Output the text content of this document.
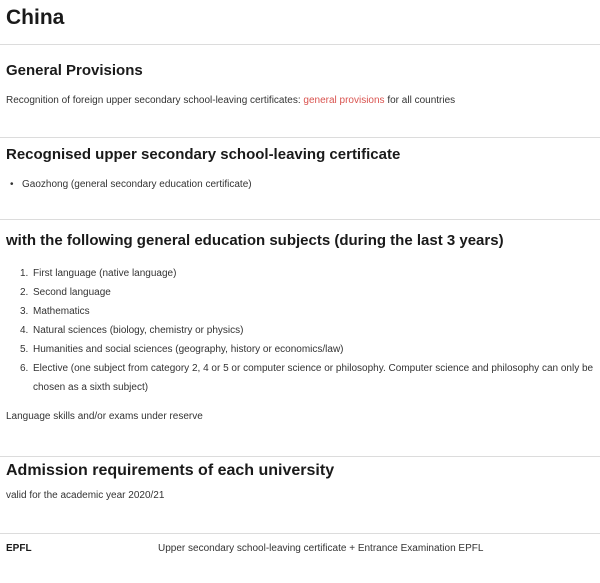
China
General Provisions

Recognition of foreign upper secondary school-leaving certificates: general provisions for all countries

Recognised upper secondary school-leaving certificate
• Gaozhong (general secondary education certificate)
with the following general education subjects (during the last 3 years)
1. First language (native language)
2. Second language
3. Mathematics
4. Natural sciences (biology, chemistry or physics)
5. Humanities and social sciences (geography, history or economics/law)
6. Elective (one subject from category 2, 4 or 5 or computer science or philosophy. Computer science and philosophy can only be chosen as a sixth subject)

Language skills and/or exams under reserve

Admission requirements of each university

valid for the academic year 2020/21

EPFL	Upper secondary school-leaving certificate + Entrance Examination EPFL
